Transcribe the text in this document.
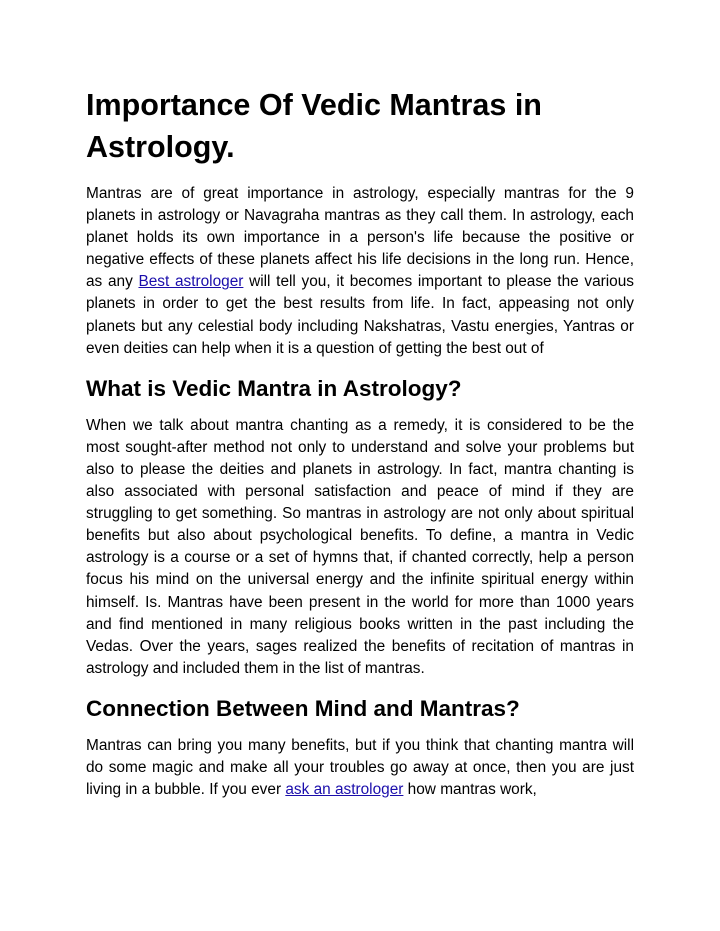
Importance Of Vedic Mantras in Astrology.

Mantras are of great importance in astrology, especially mantras for the 9 planets in astrology or Navagraha mantras as they call them. In astrology, each planet holds its own importance in a person's life because the positive or negative effects of these planets affect his life decisions in the long run. Hence, as any Best astrologer will tell you, it becomes important to please the various planets in order to get the best results from life. In fact, appeasing not only planets but any celestial body including Nakshatras, Vastu energies, Yantras or even deities can help when it is a question of getting the best out of

What is Vedic Mantra in Astrology?

When we talk about mantra chanting as a remedy, it is considered to be the most sought-after method not only to understand and solve your problems but also to please the deities and planets in astrology. In fact, mantra chanting is also associated with personal satisfaction and peace of mind if they are struggling to get something. So mantras in astrology are not only about spiritual benefits but also about psychological benefits. To define, a mantra in Vedic astrology is a course or a set of hymns that, if chanted correctly, help a person focus his mind on the universal energy and the infinite spiritual energy within himself. Is. Mantras have been present in the world for more than 1000 years and find mentioned in many religious books written in the past including the Vedas. Over the years, sages realized the benefits of recitation of mantras in astrology and included them in the list of mantras.

Connection Between Mind and Mantras?

Mantras can bring you many benefits, but if you think that chanting mantra will do some magic and make all your troubles go away at once, then you are just living in a bubble. If you ever ask an astrologer how mantras work,
